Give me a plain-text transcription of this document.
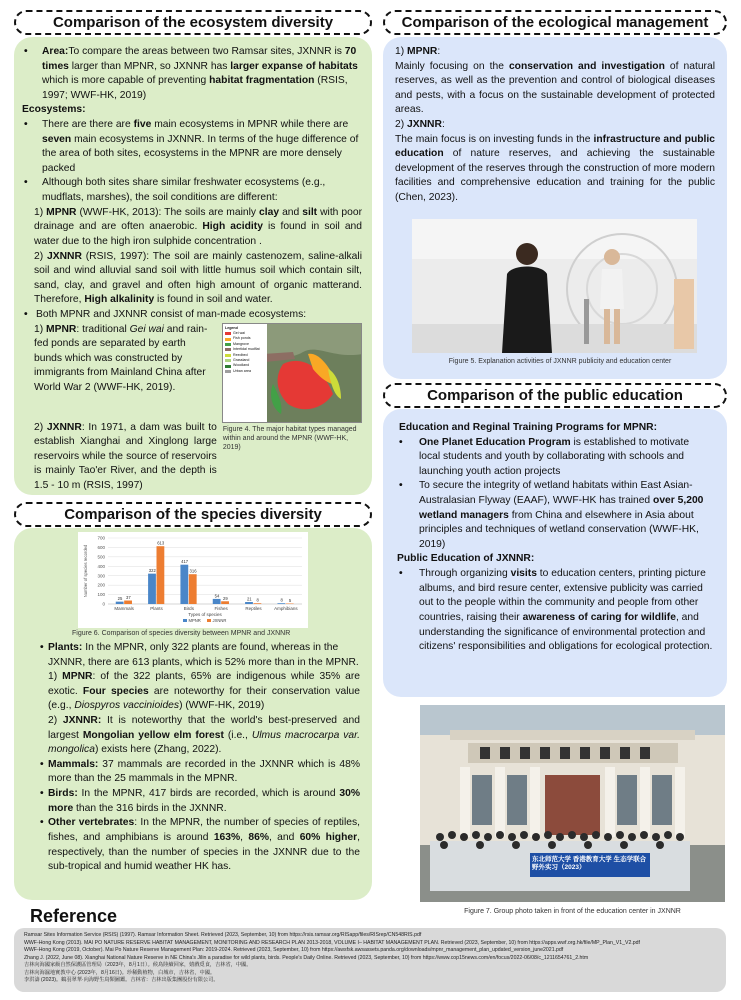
Comparison of the ecosystem diversity	Comparison of the ecological management
Comparison of the species diversity
Comparison of the public education
• Area:To compare the areas between two Ramsar sites, JXNNR is 70 times larger than MPNR, so JXNNR has larger expanse of habitats which is more capable of preventing habitat fragmentation (RSIS, 1997; WWF-HK, 2019)
Ecosystems:
• There are there are five main ecosystems in MPNR while there are seven main ecosystems in JXNNR. In terms of the huge difference of the area of both sites, ecosystems in the MPNR are more densely packed
• Although both sites share similar freshwater ecosystems (e.g., mudflats, marshes), the soil conditions are different:
1) MPNR (WWF-HK, 2013): The soils are mainly clay and silt with poor drainage and are often anaerobic. High acidity is found in soil and water due to the high iron sulphide concentration .
2) JXNNR (RSIS, 1997): The soil are mainly castenozem, saline-alkali soil and wind alluvial sand soil with little humus soil which contain silt, sand, clay, and gravel and often high amount of organic matterand. Therefore, High alkalinity is found in soil and water.
• Both MPNR and JXNNR consist of man-made ecosystems:
1) MPNR: traditional Gei wai and rain-fed ponds are separated by earth bunds which was constructed by immigrants from Mainland China after World War 2 (WWF-HK, 2019).
Legend
Gei wai
Fish ponds
Mangrove
Intertidal mudflat
Reedbed
Grassland
Woodland
Urban area
2) JXNNR: In 1971, a dam was built to establish Xianghai and Xinglong large reservoirs while the source of reservoirs is mainly Tao'er River, and the depth is 1.5 - 10 m (RSIS, 1997)
Figure 4. The major habitat types managed within and around the MPNR (WWF-HK, 2019)
1) MPNR:
Mainly focusing on the conservation and investigation of natural reserves, as well as the prevention and control of biological diseases and pests, with a focus on the sustainable development of protected areas.
2) JXNNR:
The main focus is on investing funds in the infrastructure and public education of nature reserves, and achieving the sustainable development of the reserves through the construction of more modern facilities and comprehensive education and training for the public (Chen, 2023).
Figure 5. Explanation activities of JXNNR publicity and education center
0
100
200
300
400
500
600
700
Number of species recorded
25 37
Mammals
322
613
Plants
417
316
Birds
54 29
Fishes
21 8
Reptiles
8 5
Amphibians
Types of species
MPNR	JXNNR
Figure 6. Comparison of species diversity between MPNR and JXNNR
• Plants: In the MPNR, only 322 plants are found, whereas in the JXNNR, there are 613 plants, which is 52% more than in the MPNR.
1) MPNR: of the 322 plants, 65% are indigenous while 35% are exotic. Four species are noteworthy for their conservation value (e.g., Diospyros vaccinioides) (WWF-HK, 2019)
2) JXNNR: It is noteworthy that the world's best-preserved and largest Mongolian yellow elm forest (i.e., Ulmus macrocarpa var. mongolica) exists here (Zhang, 2022).
• Mammals: 37 mammals are recorded in the JXNNR which is 48% more than the 25 mammals in the MPNR.
• Birds: In the MPNR, 417 birds are recorded, which is around 30% more than the 316 birds in the JXNNR.
• Other vertebrates: In the MPNR, the number of species of reptiles, fishes, and amphibians is around 163%, 86%, and 60% higher, respectively, than the number of species in the JXNNR due to the sub-tropical and humid weather HK has.
Education and Reginal Training Programs for MPNR:
• One Planet Education Program is established to motivate local students and youth by collaborating with schools and launching youth action projects
• To secure the integrity of wetland habitats within East Asian-Australasian Flyway (EAAF), WWF-HK has trained over 5,200 wetland managers from China and elsewhere in Asia about principles and techniques of wetland conservation (WWF-HK, 2019)
Public Education of JXNNR:
• Through organizing visits to education centers, printing picture albums, and bird resure center, extensive publicity was carried out to the people within the community and people from other countries, raising their awareness of caring for wildlife, and understanding the significance of environmental protection and citizens' responsibilities and obligations for ecological protection.
东北师范大学 香港教育大学 生态学联合野外实习（2023）
Figure 7. Group photo taken in front of the education center in JXNNR
Reference
Ramsar Sites Information Service (RSIS) (1997). Ramsar Information Sheet. Retrieved (2023, September, 10) from https://rsis.ramsar.org/RISapp/files/RISrep/CN548RIS.pdf
WWF-Hong Kong (2013). MAI PO NATURE RESERVE HABITAT MANAGEMENT, MONITORING AND RESEARCH PLAN 2013-2018, VOLUME I– HABITAT MANAGEMENT PLAN. Retrieved (2023, September, 10) from https://apps.wwf.org.hk/file/MP_Plan_V1_V2.pdf
WWF-Hong Kong (2019, October). Mai Po Nature Reserve Management Plan: 2019-2024. Retrieved (2023, September, 10) from https://awsfsk.awsassets.panda.org/downloads/mpnr_management_plan_updated_version_june2021.pdf
Zhang J. (2022, June 08). Xianghai National Nature Reserve in NE China's Jilin a paradise for wild plants, birds. People's Daily Online. Retrieved (2023, September, 10) from https://www.cop15news.com/en/focus/2022-06/08/c_1211654761_2.htm
吉林向海國家級自然保護區管理局（2023年，8月1日）。候鳥陸續回家，嬉戲覓食，吉林省，中國。
吉林向海濕地實教中心 (2023年，8月16日)。珍稀動植物，白城市，吉林省，中國。
李洪濤 (2023)。鶴羽翠華·向海野生鳥類圖鑑。吉林省：吉林出版集團股份有限公司。
